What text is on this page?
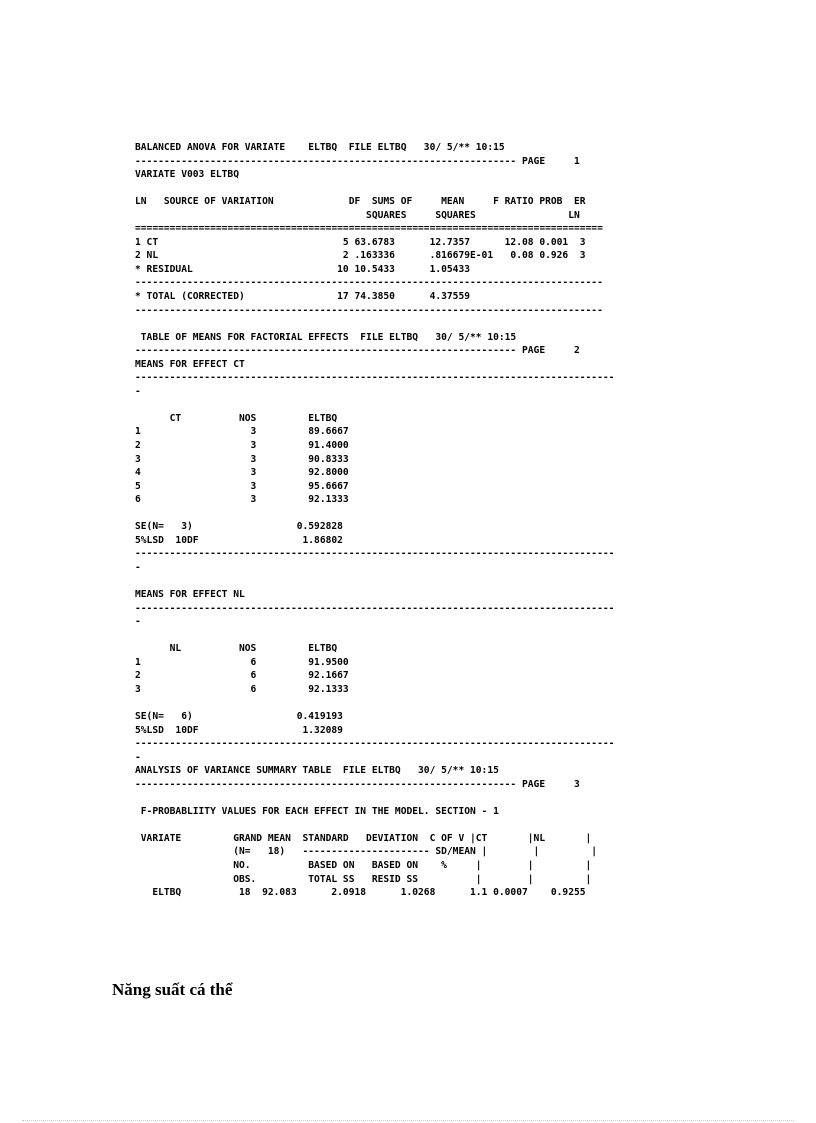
BALANCED ANOVA FOR VARIATE    ELTBQ  FILE ELTBQ   30/ 5/** 10:15
------------------------------------------------------------------ PAGE     1
VARIATE V003 ELTBQ
LN   SOURCE OF VARIATION             DF  SUMS OF     MEAN     F RATIO PROB  ER
SQUARES     SQUARES                LN
=================================================================================
1 CT                                5 63.6783      12.7357      12.08 0.001  3
2 NL                                2 .163336      .816679E-01   0.08 0.926  3
* RESIDUAL                         10 10.5433      1.05433
---------------------------------------------------------------------------------
* TOTAL (CORRECTED)                17 74.3850      4.37559
---------------------------------------------------------------------------------
TABLE OF MEANS FOR FACTORIAL EFFECTS  FILE ELTBQ   30/ 5/** 10:15
------------------------------------------------------------------ PAGE     2
MEANS FOR EFFECT CT
-----------------------------------------------------------------------------------
-
CT          NOS         ELTBQ
1                   3         89.6667
2                   3         91.4000
3                   3         90.8333
4                   3         92.8000
5                   3         95.6667
6                   3         92.1333
SE(N=   3)                  0.592828
5%LSD  10DF                  1.86802
-----------------------------------------------------------------------------------
-
MEANS FOR EFFECT NL
-----------------------------------------------------------------------------------
-
NL          NOS         ELTBQ
1                   6         91.9500
2                   6         92.1667
3                   6         92.1333
SE(N=   6)                  0.419193
5%LSD  10DF                  1.32089
-----------------------------------------------------------------------------------
-
ANALYSIS OF VARIANCE SUMMARY TABLE  FILE ELTBQ   30/ 5/** 10:15
------------------------------------------------------------------ PAGE     3
F-PROBABLIITY VALUES FOR EACH EFFECT IN THE MODEL. SECTION - 1
VARIATE         GRAND MEAN  STANDARD   DEVIATION  C OF V |CT       |NL       |
(N=   18)   ---------------------- SD/MEAN |        |         |
NO.          BASED ON   BASED ON    %     |        |         |
OBS.         TOTAL SS   RESID SS          |        |         |
ELTBQ          18  92.083      2.0918      1.0268      1.1 0.0007    0.9255
Năng suất cá thể
